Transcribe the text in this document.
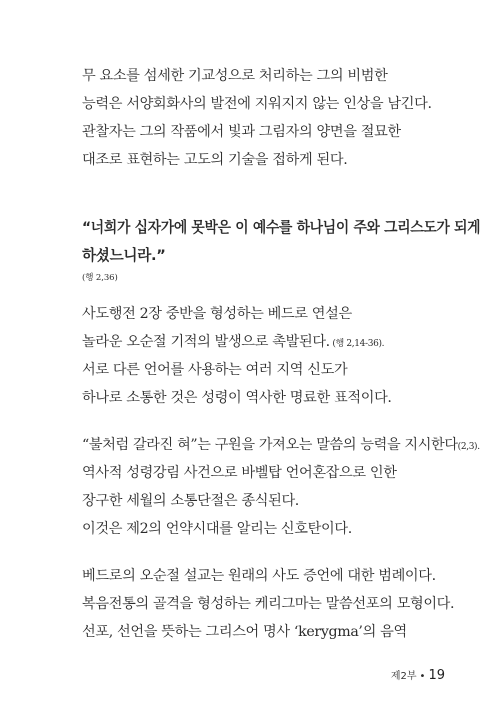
무 요소를 섬세한 기교성으로 처리하는 그의 비범한
능력은 서양회화사의 발전에 지워지지 않는 인상을 남긴다.
관찰자는 그의 작품에서 빛과 그림자의 양면을 절묘한
대조로 표현하는 고도의 기술을 접하게 된다.
“너희가 십자가에 못박은 이 예수를 하나님이 주와 그리스도가 되게
하셨느니라.”
(행 2,36)
사도행전 2장 중반을 형성하는 베드로 연설은
놀라운 오순절 기적의 발생으로 촉발된다. (행 2,14-36).
서로 다른 언어를 사용하는 여러 지역 신도가
하나로 소통한 것은 성령이 역사한 명료한 표적이다.
“불처럼 갈라진 혀”는 구원을 가져오는 말씀의 능력을 지시한다(2,3).
역사적 성령강림 사건으로 바벨탑 언어혼잡으로 인한
장구한 세월의 소통단절은 종식된다.
이것은 제2의 언약시대를 알리는 신호탄이다.
베드로의 오순절 설교는 원래의 사도 증언에 대한 범례이다.
복음전통의 골격을 형성하는 케리그마는 말씀선포의 모형이다.
선포, 선언을 뜻하는 그리스어 명사 ‘kerygma’의 음역
제2부 • 19
